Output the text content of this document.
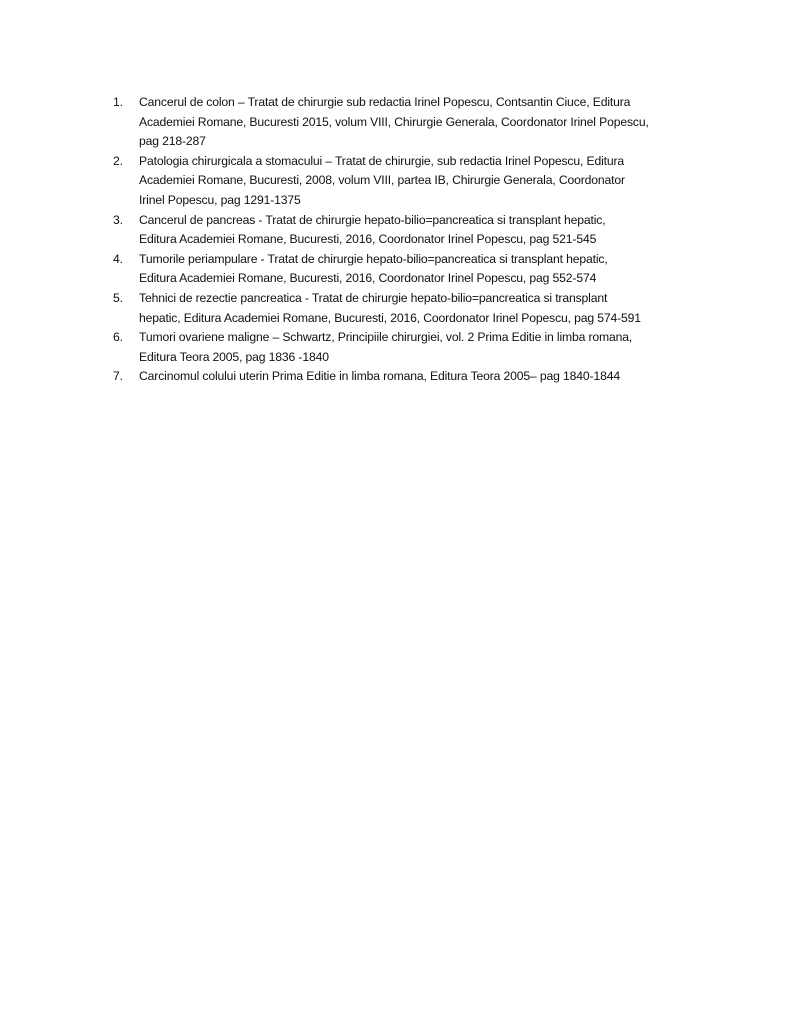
1.	Cancerul de colon – Tratat de chirurgie sub redactia Irinel Popescu, Contsantin Ciuce, Editura
Academiei Romane, Bucuresti 2015, volum VIII, Chirurgie Generala, Coordonator Irinel Popescu,
pag 218-287
2.	Patologia chirurgicala a stomacului – Tratat de chirurgie, sub redactia Irinel Popescu, Editura
Academiei Romane, Bucuresti, 2008, volum VIII, partea IB, Chirurgie Generala, Coordonator
Irinel Popescu, pag 1291-1375
3.	Cancerul de pancreas - Tratat de chirurgie hepato-bilio=pancreatica si transplant hepatic,
Editura Academiei Romane, Bucuresti, 2016, Coordonator Irinel Popescu, pag 521-545
4.	Tumorile periampulare - Tratat de chirurgie hepato-bilio=pancreatica si transplant hepatic,
Editura Academiei Romane, Bucuresti, 2016, Coordonator Irinel Popescu, pag 552-574
5.	Tehnici de rezectie pancreatica - Tratat de chirurgie hepato-bilio=pancreatica si transplant
hepatic, Editura Academiei Romane, Bucuresti, 2016, Coordonator Irinel Popescu, pag 574-591
6.	Tumori ovariene maligne – Schwartz, Principiile chirurgiei, vol. 2 Prima Editie in limba romana,
Editura Teora 2005, pag 1836 -1840
7.	Carcinomul colului uterin Prima Editie in limba romana, Editura Teora 2005– pag 1840-1844
